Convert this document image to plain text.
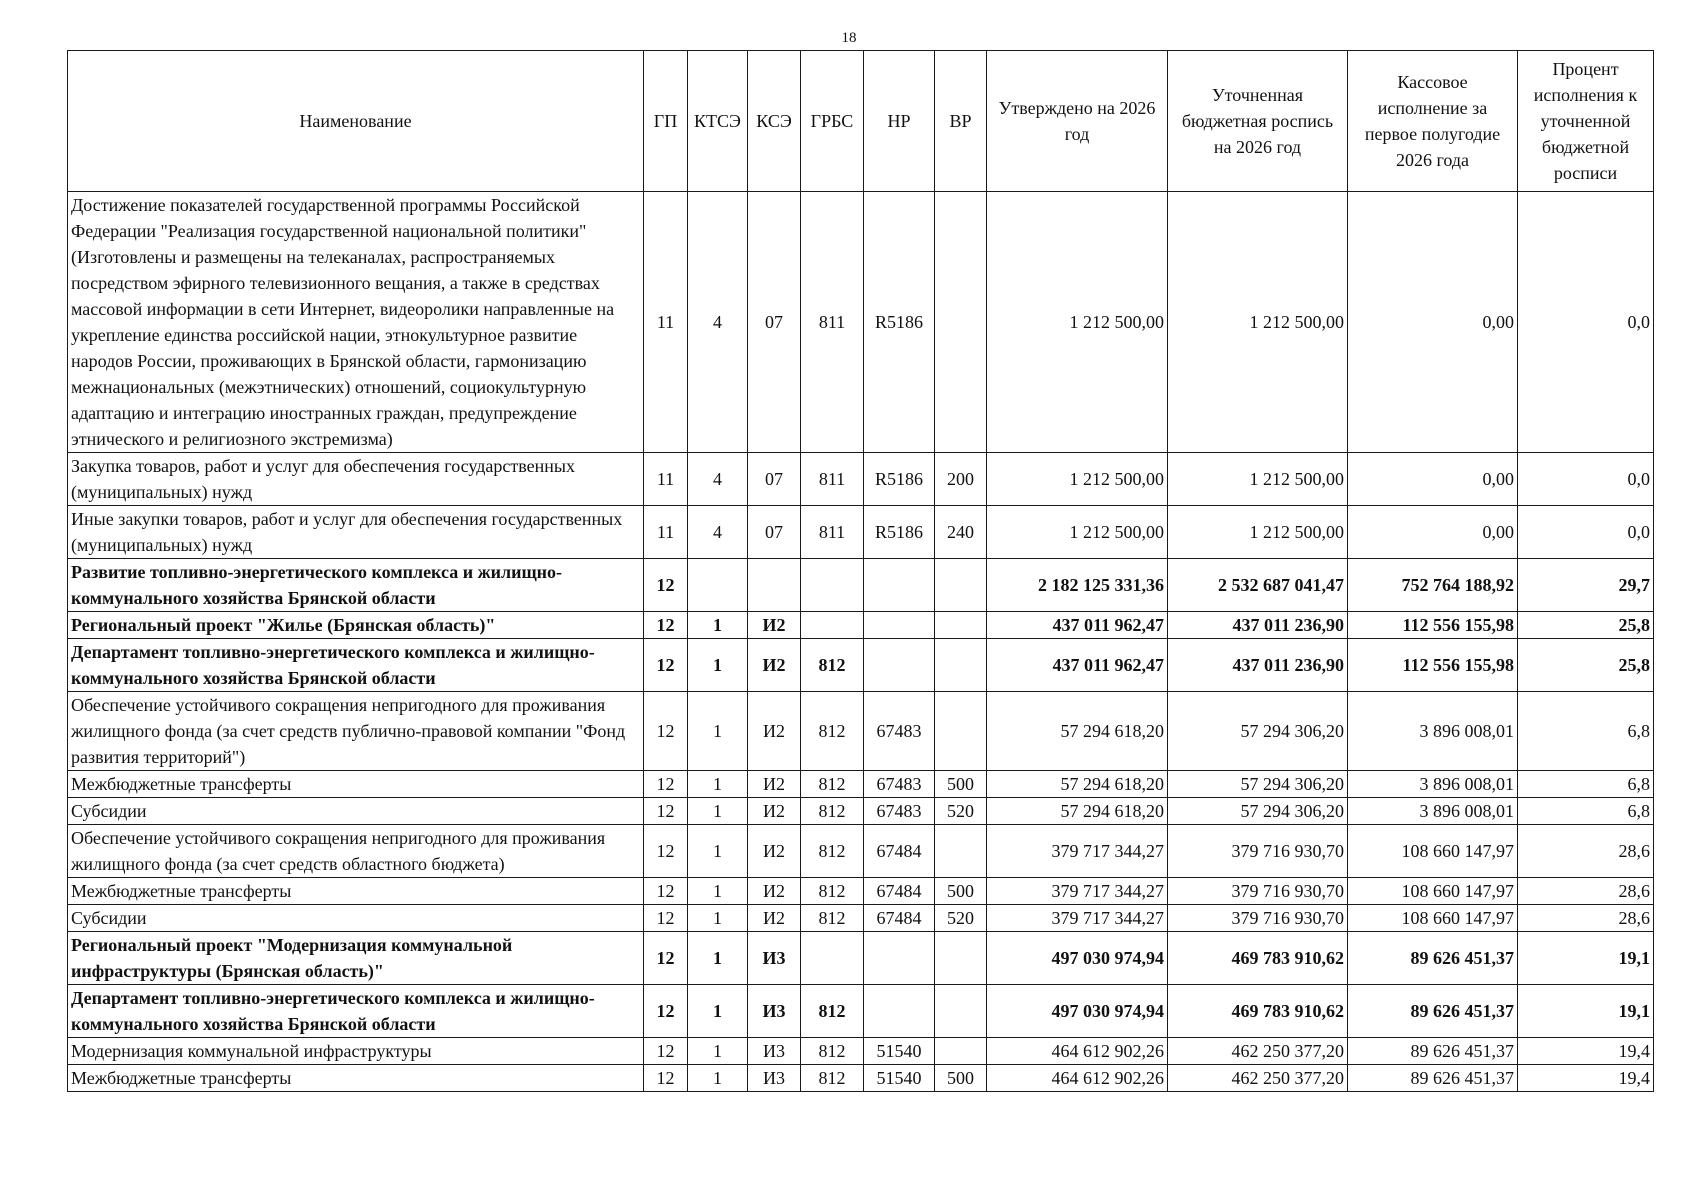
18
Наименование	ГП	КТСЭ	КСЭ	ГРБС	НР	ВР	Утверждено на 2026 год	Уточненная бюджетная роспись на 2026 год	Кассовое исполнение за первое полугодие 2026 года	Процент исполнения к уточненной бюджетной росписи
Достижение показателей государственной программы Российской Федерации "Реализация государственной национальной политики" (Изготовлены и размещены на телеканалах, распространяемых посредством эфирного телевизионного вещания, а также в средствах массовой информации в сети Интернет, видеоролики направленные на укрепление единства российской нации, этнокультурное развитие народов России, проживающих в Брянской области, гармонизацию межнациональных (межэтнических) отношений, социокультурную адаптацию и интеграцию иностранных граждан, предупреждение этнического и религиозного экстремизма)	11	4	07	811	R5186		1 212 500,00	1 212 500,00	0,00	0,0
Закупка товаров, работ и услуг для обеспечения государственных (муниципальных) нужд	11	4	07	811	R5186	200	1 212 500,00	1 212 500,00	0,00	0,0
Иные закупки товаров, работ и услуг для обеспечения государственных (муниципальных) нужд	11	4	07	811	R5186	240	1 212 500,00	1 212 500,00	0,00	0,0
Развитие топливно-энергетического комплекса и жилищно-коммунального хозяйства Брянской области	12						2 182 125 331,36	2 532 687 041,47	752 764 188,92	29,7
Региональный проект "Жилье (Брянская область)"	12	1	И2				437 011 962,47	437 011 236,90	112 556 155,98	25,8
Департамент топливно-энергетического комплекса и жилищно-коммунального хозяйства Брянской области	12	1	И2	812			437 011 962,47	437 011 236,90	112 556 155,98	25,8
Обеспечение устойчивого сокращения непригодного для проживания жилищного фонда (за счет средств публично-правовой компании "Фонд развития территорий")	12	1	И2	812	67483		57 294 618,20	57 294 306,20	3 896 008,01	6,8
Межбюджетные трансферты	12	1	И2	812	67483	500	57 294 618,20	57 294 306,20	3 896 008,01	6,8
Субсидии	12	1	И2	812	67483	520	57 294 618,20	57 294 306,20	3 896 008,01	6,8
Обеспечение устойчивого сокращения непригодного для проживания жилищного фонда (за счет средств областного бюджета)	12	1	И2	812	67484		379 717 344,27	379 716 930,70	108 660 147,97	28,6
Межбюджетные трансферты	12	1	И2	812	67484	500	379 717 344,27	379 716 930,70	108 660 147,97	28,6
Субсидии	12	1	И2	812	67484	520	379 717 344,27	379 716 930,70	108 660 147,97	28,6
Региональный проект "Модернизация коммунальной инфраструктуры (Брянская область)"	12	1	И3				497 030 974,94	469 783 910,62	89 626 451,37	19,1
Департамент топливно-энергетического комплекса и жилищно-коммунального хозяйства Брянской области	12	1	И3	812			497 030 974,94	469 783 910,62	89 626 451,37	19,1
Модернизация коммунальной инфраструктуры	12	1	И3	812	51540		464 612 902,26	462 250 377,20	89 626 451,37	19,4
Межбюджетные трансферты	12	1	И3	812	51540	500	464 612 902,26	462 250 377,20	89 626 451,37	19,4
